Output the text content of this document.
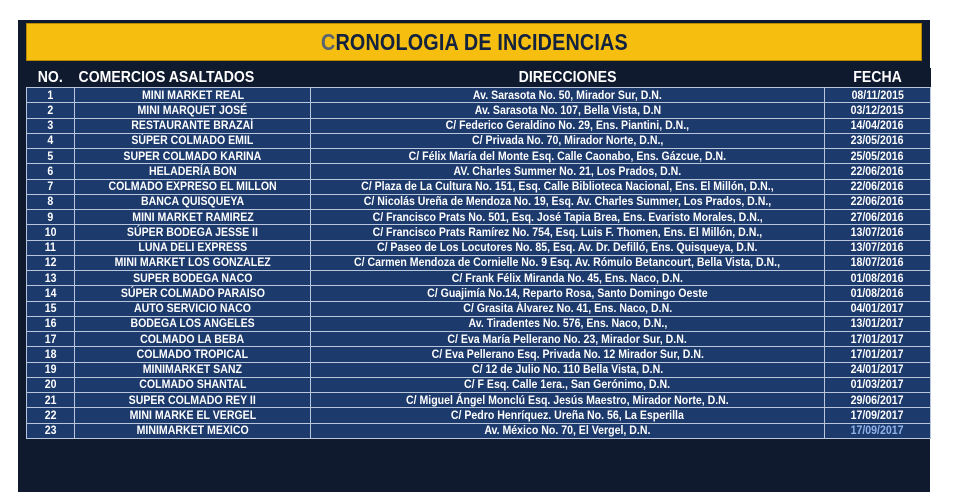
CRONOLOGIA DE INCIDENCIAS
NO.	COMERCIOS ASALTADOS	DIRECCIONES	FECHA
1	MINI MARKET REAL	Av. Sarasota No. 50, Mirador Sur, D.N.	08/11/2015
2	MINI MARQUET JOSÉ	Av. Sarasota No. 107, Bella Vista, D.N	03/12/2015
3	RESTAURANTE BRAZAÍ	C/ Federico Geraldino No. 29, Ens. Piantini, D.N.,	14/04/2016
4	SÚPER COLMADO EMIL	C/ Privada No. 70, Mirador Norte, D.N.,	23/05/2016
5	SUPER COLMADO KARINA	C/ Félix María del Monte Esq. Calle Caonabo, Ens. Gázcue, D.N.	25/05/2016
6	HELADERÍA BON	AV. Charles Summer No. 21, Los Prados, D.N.	22/06/2016
7	COLMADO EXPRESO EL MILLON	C/ Plaza de La Cultura No. 151, Esq. Calle Biblioteca Nacional, Ens. El Millón, D.N.,	22/06/2016
8	BANCA QUISQUEYA	C/ Nicolás Ureña de Mendoza No. 19, Esq. Av. Charles Summer, Los Prados, D.N.,	22/06/2016
9	MINI MARKET RAMIREZ	C/ Francisco Prats No. 501, Esq. José Tapia Brea, Ens. Evaristo Morales, D.N.,	27/06/2016
10	SÚPER BODEGA JESSE II	C/ Francisco Prats Ramírez No. 754, Esq. Luis F. Thomen, Ens. El Millón, D.N.,	13/07/2016
11	LUNA DELI EXPRESS	C/ Paseo de Los Locutores No. 85, Esq. Av. Dr. Defilló, Ens. Quisqueya, D.N.	13/07/2016
12	MINI MARKET LOS GONZALEZ	C/ Carmen Mendoza de Cornielle No. 9 Esq. Av. Rómulo Betancourt, Bella Vista, D.N.,	18/07/2016
13	SUPER BODEGA NACO	C/ Frank Félix Miranda No. 45, Ens. Naco, D.N.	01/08/2016
14	SÚPER COLMADO PARAISO	C/ Guajimía No.14, Reparto Rosa, Santo Domingo Oeste	01/08/2016
15	AUTO SERVICIO NACO	C/ Grasita Álvarez No. 41, Ens. Naco, D.N.	04/01/2017
16	BODEGA LOS ANGELES	Av. Tiradentes No. 576, Ens. Naco, D.N.,	13/01/2017
17	COLMADO LA BEBA	C/ Eva María Pellerano No. 23, Mirador Sur, D.N.	17/01/2017
18	COLMADO TROPICAL	C/ Eva Pellerano Esq. Privada No. 12 Mirador Sur, D.N.	17/01/2017
19	MINIMARKET SANZ	C/ 12 de Julio No. 110 Bella Vista, D.N.	24/01/2017
20	COLMADO SHANTAL	C/ F Esq. Calle 1era., San Gerónimo, D.N.	01/03/2017
21	SUPER COLMADO REY II	C/ Miguel Ángel Monclú Esq. Jesús Maestro, Mirador Norte, D.N.	29/06/2017
22	MINI MARKE EL VERGEL	C/ Pedro Henríquez. Ureña No. 56, La Esperilla	17/09/2017
23	MINIMARKET MEXICO	Av. México No. 70, El Vergel, D.N.	17/09/2017
